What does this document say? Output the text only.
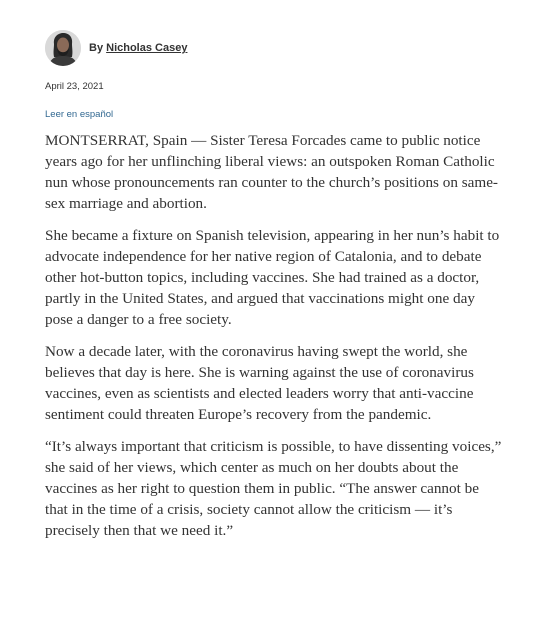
By Nicholas Casey
April 23, 2021
Leer en español

MONTSERRAT, Spain — Sister Teresa Forcades came to public notice years ago for her unflinching liberal views: an outspoken Roman Catholic nun whose pronouncements ran counter to the church’s positions on same-sex marriage and abortion.

She became a fixture on Spanish television, appearing in her nun’s habit to advocate independence for her native region of Catalonia, and to debate other hot-button topics, including vaccines. She had trained as a doctor, partly in the United States, and argued that vaccinations might one day pose a danger to a free society.

Now a decade later, with the coronavirus having swept the world, she believes that day is here. She is warning against the use of coronavirus vaccines, even as scientists and elected leaders worry that anti-vaccine sentiment could threaten Europe’s recovery from the pandemic.

“It’s always important that criticism is possible, to have dissenting voices,” she said of her views, which center as much on her doubts about the vaccines as her right to question them in public. “The answer cannot be that in the time of a crisis, society cannot allow the criticism — it’s precisely then that we need it.”
